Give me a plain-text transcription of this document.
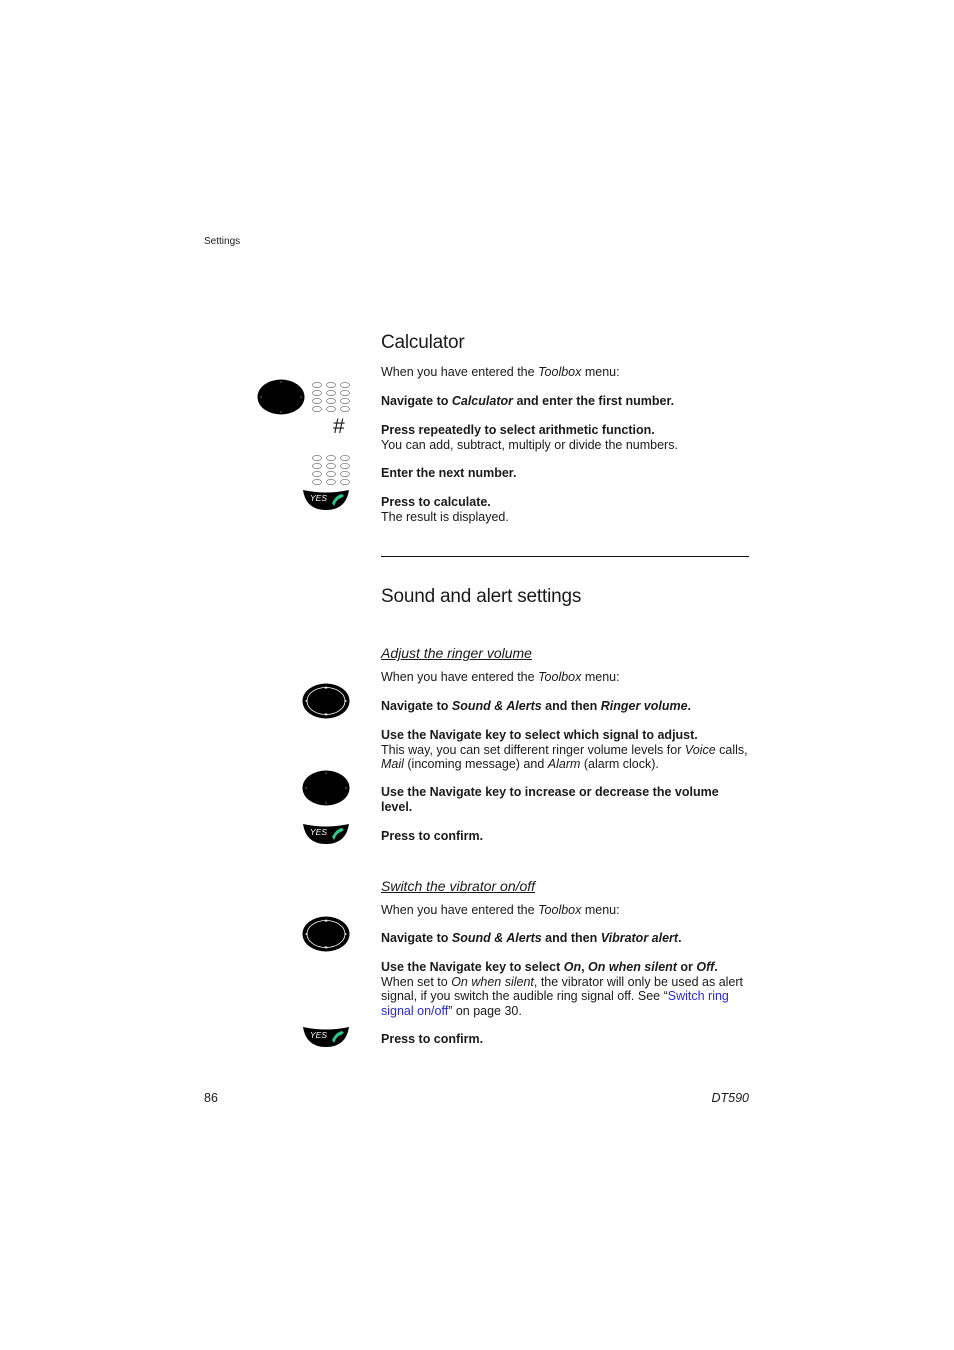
Settings
Calculator
When you have entered the Toolbox menu:
Navigate to Calculator and enter the first number.
Press repeatedly to select arithmetic function.
You can add, subtract, multiply or divide the numbers.
Enter the next number.
Press to calculate.
The result is displayed.
#
YES
Sound and alert settings
Adjust the ringer volume
When you have entered the Toolbox menu:
Navigate to Sound & Alerts and then Ringer volume.
Use the Navigate key to select which signal to adjust.
This way, you can set different ringer volume levels for Voice calls,
Mail (incoming message) and Alarm (alarm clock).
Use the Navigate key to increase or decrease the volume level.
Press to confirm.
YES
Switch the vibrator on/off
When you have entered the Toolbox menu:
Navigate to Sound & Alerts and then Vibrator alert.
Use the Navigate key to select On, On when silent or Off.
When set to On when silent, the vibrator will only be used as alert signal, if you switch the audible ring signal off. See “Switch ring signal on/off” on page 30.
Press to confirm.
YES
86	DT590
